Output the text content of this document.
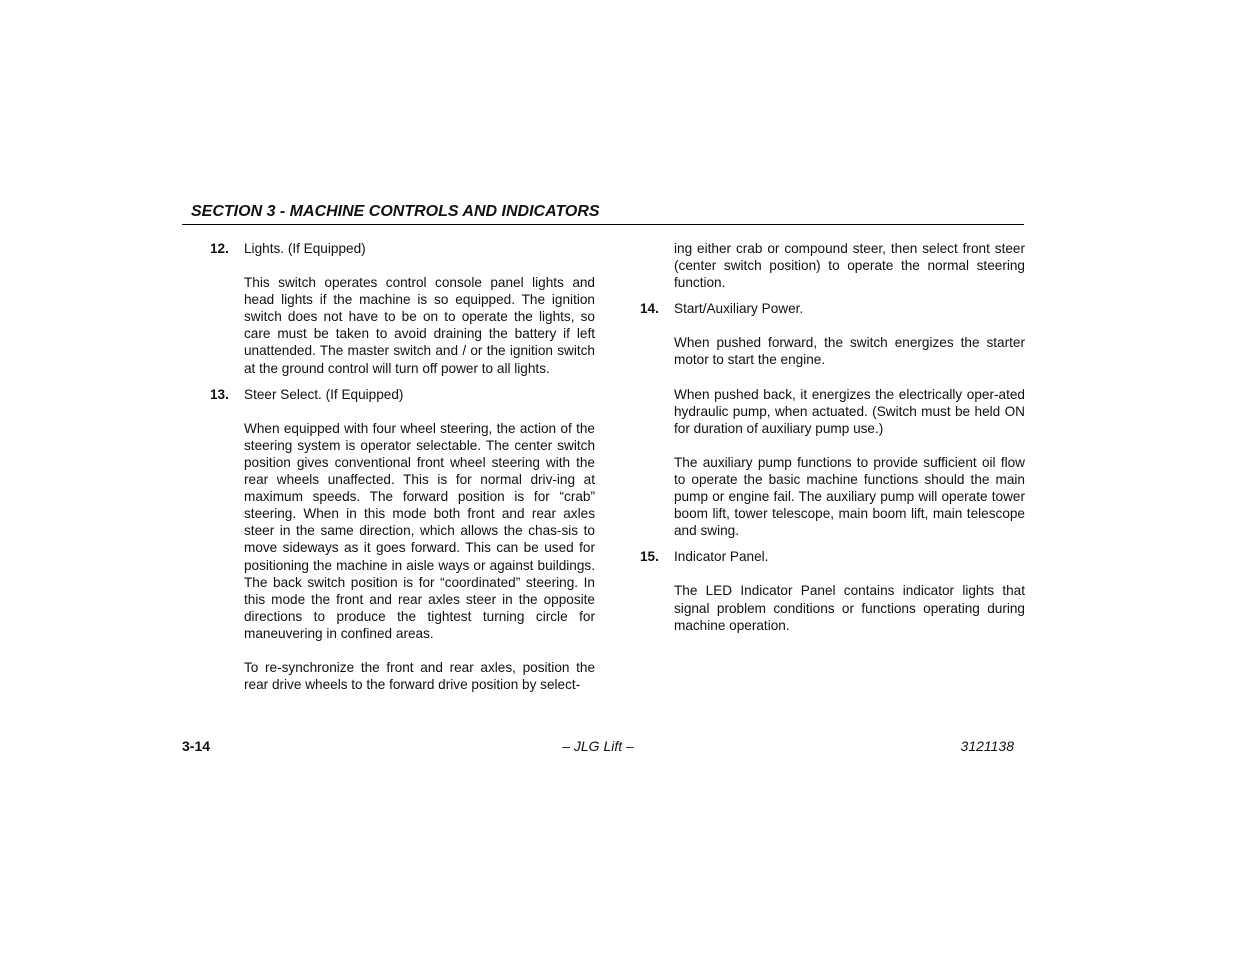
SECTION 3 - MACHINE CONTROLS AND INDICATORS
12. Lights. (If Equipped)

This switch operates control console panel lights and head lights if the machine is so equipped. The ignition switch does not have to be on to operate the lights, so care must be taken to avoid draining the battery if left unattended. The master switch and / or the ignition switch at the ground control will turn off power to all lights.

13. Steer Select. (If Equipped)

When equipped with four wheel steering, the action of the steering system is operator selectable. The center switch position gives conventional front wheel steering with the rear wheels unaffected. This is for normal driv-ing at maximum speeds. The forward position is for “crab” steering. When in this mode both front and rear axles steer in the same direction, which allows the chas-sis to move sideways as it goes forward. This can be used for positioning the machine in aisle ways or against buildings. The back switch position is for “coordinated” steering. In this mode the front and rear axles steer in the opposite directions to produce the tightest turning circle for maneuvering in confined areas.

To re-synchronize the front and rear axles, position the rear drive wheels to the forward drive position by select-

ing either crab or compound steer, then select front steer (center switch position) to operate the normal steering function.

14. Start/Auxiliary Power.

When pushed forward, the switch energizes the starter motor to start the engine.

When pushed back, it energizes the electrically oper-ated hydraulic pump, when actuated. (Switch must be held ON for duration of auxiliary pump use.)

The auxiliary pump functions to provide sufficient oil flow to operate the basic machine functions should the main pump or engine fail. The auxiliary pump will operate tower boom lift, tower telescope, main boom lift, main telescope and swing.

15. Indicator Panel.

The LED Indicator Panel contains indicator lights that signal problem conditions or functions operating during machine operation.

3-14	– JLG Lift –	3121138
